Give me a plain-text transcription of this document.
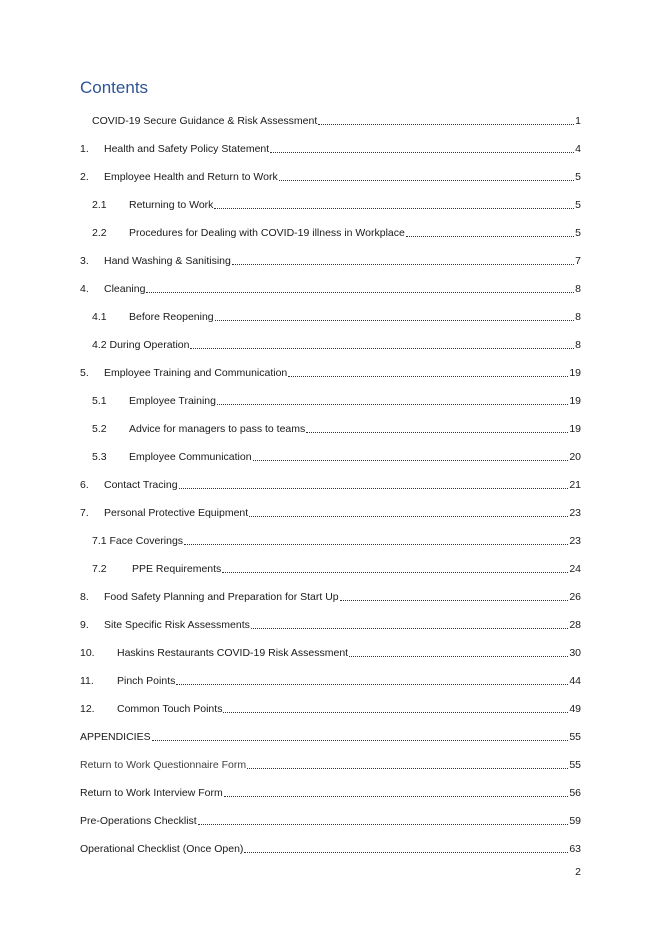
Contents
COVID-19 Secure Guidance & Risk Assessment	1
1.	Health and Safety Policy Statement	4
2.	Employee Health and Return to Work	5
2.1	Returning to Work	5
2.2	Procedures for Dealing with COVID-19 illness in Workplace	5
3.	Hand Washing & Sanitising	7
4.	Cleaning	8
4.1	Before Reopening	8
4.2 During Operation	8
5.	Employee Training and Communication	19
5.1	Employee Training	19
5.2	Advice for managers to pass to teams	19
5.3	Employee Communication	20
6.	Contact Tracing	21
7.	Personal Protective Equipment	23
7.1 Face Coverings	23
7.2	PPE Requirements	24
8.	Food Safety Planning and Preparation for Start Up	26
9.	Site Specific Risk Assessments	28
10.	Haskins Restaurants COVID-19 Risk Assessment	30
11.	Pinch Points	44
12.	Common Touch Points	49
APPENDICIES	55
Return to Work Questionnaire Form	55
Return to Work Interview Form	56
Pre-Operations Checklist	59
Operational Checklist (Once Open)	63
2
